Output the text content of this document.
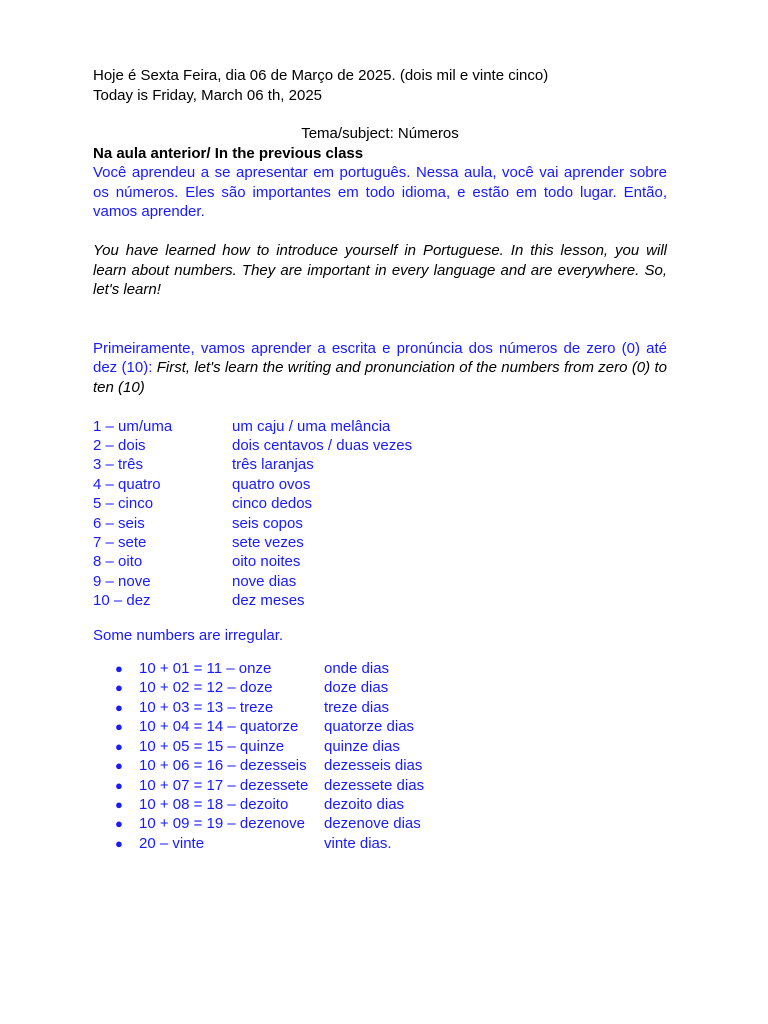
Hoje é Sexta Feira, dia 06 de Março de 2025. (dois mil e vinte cinco)

Today is Friday, March 06 th, 2025

Tema/subject: Números

Na aula anterior/ In the previous class

Você aprendeu a se apresentar em português. Nessa aula, você vai aprender sobre os números. Eles são importantes em todo idioma, e estão em todo lugar. Então, vamos aprender.

You have learned how to introduce yourself in Portuguese. In this lesson, you will learn about numbers. They are important in every language and are everywhere. So, let's learn!

Primeiramente, vamos aprender a escrita e pronúncia dos números de zero (0) até dez (10): First, let's learn the writing and pronunciation of the numbers from zero (0) to ten (10)

1 – um/uma	um caju / uma melância
2 – dois	dois centavos / duas vezes
3 – três	três laranjas
4 – quatro	quatro ovos
5 – cinco	cinco dedos
6 – seis	seis copos
7 – sete	sete vezes
8 – oito	oito noites
9 – nove	nove dias
10 – dez	dez meses

Some numbers are irregular.

●	10 + 01 = 11 – onze	onde dias
●	10 + 02 = 12 – doze	doze dias
●	10 + 03 = 13 – treze	treze dias
●	10 + 04 = 14 – quatorze	quatorze dias
●	10 + 05 = 15 – quinze	quinze dias
●	10 + 06 = 16 – dezesseis	dezesseis dias
●	10 + 07 = 17 – dezessete	dezessete dias
●	10 + 08 = 18 – dezoito	dezoito dias
●	10 + 09 = 19 – dezenove	dezenove dias
●	20 – vinte	vinte dias.
